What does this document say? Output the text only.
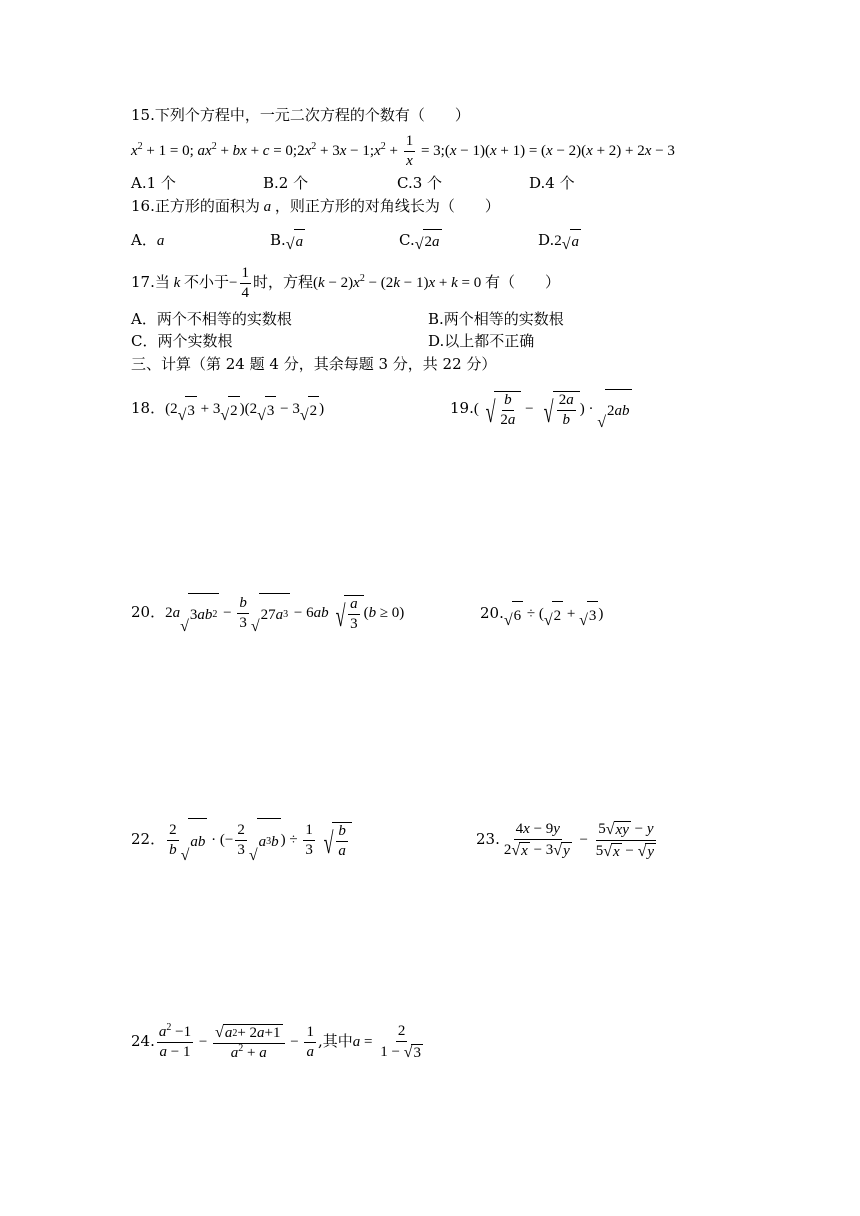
15.下列个方程中，一元二次方程的个数有（　　）
$x^2 + 1 = 0$; $ax^2$ + bx + $c = 0;2x^2 + 3x$ − $1;x^2 + \frac{1}{x}$ = 3;(x − 1)(x + 1) = (x − 2)(x + 2) + 2x − 3
A.1 个	B.2 个	C.3 个	D.4 个
16.正方形的面积为 a ，则正方形的对角线长为（　　）
A．a	B. √ a	C. √ 2 a	D.2 √ a
17.当 k 不小于− $\frac{1}{4}$ 时，方程$(k - 2)x^2 - (2k - 1)x + k = 0$ 有（　　）
A．两个不相等的实数根	B.两个相等的实数根
C．两个实数根	D.以上都不正确
三、计算（第 24 题 4 分，其余每题 3 分，共 22 分）
18．(2 √ 3 + 3 √ 2 )(2 √ 3 − 3 √ 2 )	19.( √ b
2a
− √ 2a
b
) ·
√
2 ab
20．2a
√
3 ab $2 - \frac{b}{3}$ √
27 a 3 − 6ab √ a
3
(b ≥ 0)	20. √ 6 ÷ ( √ 2 + √ 3 )
22． $\frac{2}{b}$ √
ab · (− $\frac{2}{3}$ √
a 3 b ) ÷ $\frac{1}{3}$ √ b
a
23. $\frac{4x - 9y}{2 √ x - 3 √ y} - \frac{5 √ xy - y}{5 √ x - √ y}$
24. $\frac{a^2 -1}{a - 1} - \frac{√ a 2 + 2 a +1}{a^2 + a} - \frac{1}{a}$ ,其中$a = \frac{2}{1 - √ 3}$
